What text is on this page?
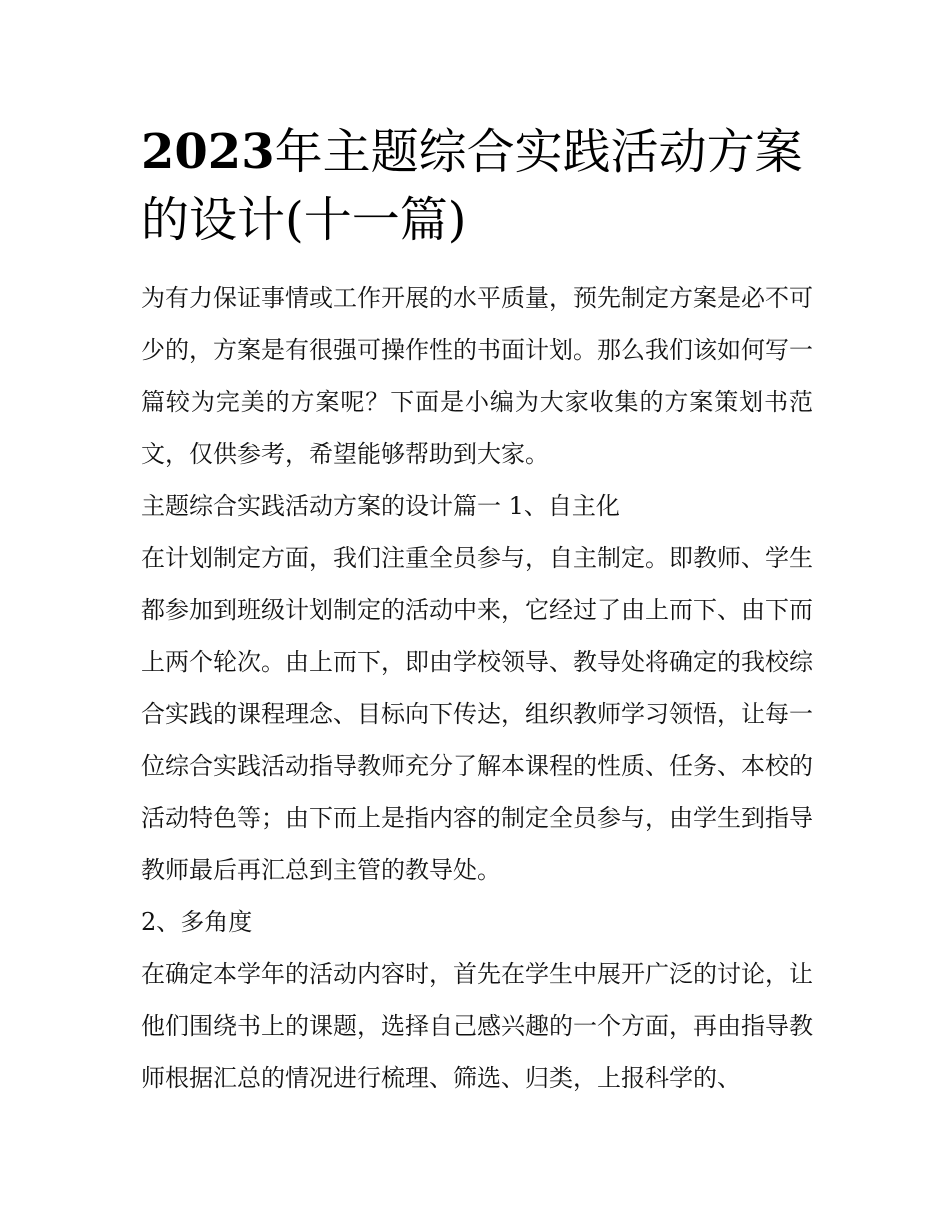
2023年主题综合实践活动方案的设计(十一篇)

为有力保证事情或工作开展的水平质量，预先制定方案是必不可少的，方案是有很强可操作性的书面计划。那么我们该如何写一篇较为完美的方案呢？下面是小编为大家收集的方案策划书范文，仅供参考，希望能够帮助到大家。

主题综合实践活动方案的设计篇一 1、自主化

在计划制定方面，我们注重全员参与，自主制定。即教师、学生都参加到班级计划制定的活动中来，它经过了由上而下、由下而上两个轮次。由上而下，即由学校领导、教导处将确定的我校综合实践的课程理念、目标向下传达，组织教师学习领悟，让每一位综合实践活动指导教师充分了解本课程的性质、任务、本校的活动特色等；由下而上是指内容的制定全员参与，由学生到指导教师最后再汇总到主管的教导处。

2、多角度

在确定本学年的活动内容时，首先在学生中展开广泛的讨论，让他们围绕书上的课题，选择自己感兴趣的一个方面，再由指导教师根据汇总的情况进行梳理、筛选、归类，上报科学的、
